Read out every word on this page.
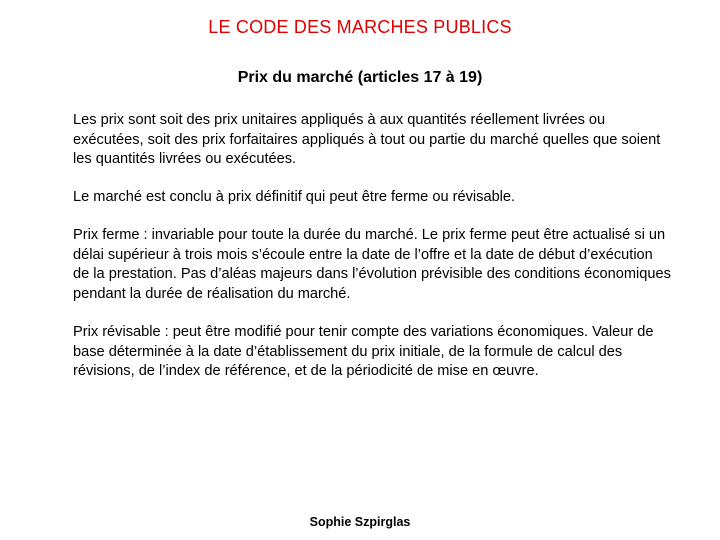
LE CODE DES MARCHES PUBLICS
Prix du marché (articles 17 à 19)

Les prix sont soit des prix unitaires appliqués à aux quantités réellement livrées ou exécutées, soit des prix forfaitaires appliqués à tout ou partie du marché quelles que soient les quantités livrées ou exécutées.

Le marché est conclu à prix définitif qui peut être ferme ou révisable.

Prix ferme : invariable pour toute la durée du marché. Le prix ferme peut être actualisé si un délai supérieur à trois mois s’écoule entre la date de l’offre et la date de début d’exécution de la prestation. Pas d’aléas majeurs dans l’évolution prévisible des conditions économiques pendant la durée de réalisation du marché.

Prix révisable : peut être modifié pour tenir compte des variations économiques. Valeur de base déterminée à la date d’établissement du prix initiale, de la formule de calcul des révisions, de l’index de référence, et de la périodicité de mise en œuvre.

Sophie Szpirglas
